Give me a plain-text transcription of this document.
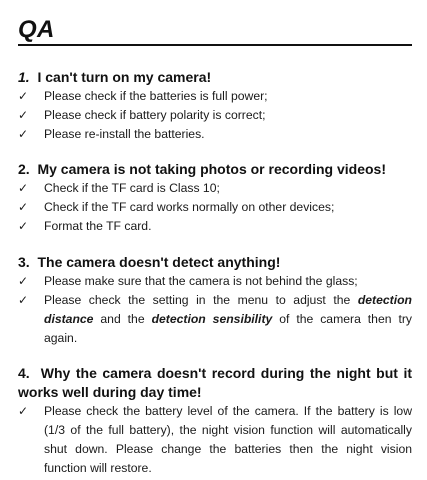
QA

1. I can't turn on my camera!

✓	Please check if the batteries is full power;
✓	Please check if battery polarity is correct;
✓	Please re-install the batteries.

2. My camera is not taking photos or recording videos!

✓	Check if the TF card is Class 10;
✓	Check if the TF card works normally on other devices;
✓	Format the TF card.

3. The camera doesn't detect anything!

✓	Please make sure that the camera is not behind the glass;
✓	Please check the setting in the menu to adjust the detection distance and the detection sensibility of the camera then try again.

4. Why the camera doesn't record during the night but it works well during day time!

✓	Please check the battery level of the camera. If the battery is low (1/3 of the full battery), the night vision function will automatically shut down. Please change the batteries then the night vision function will restore.
